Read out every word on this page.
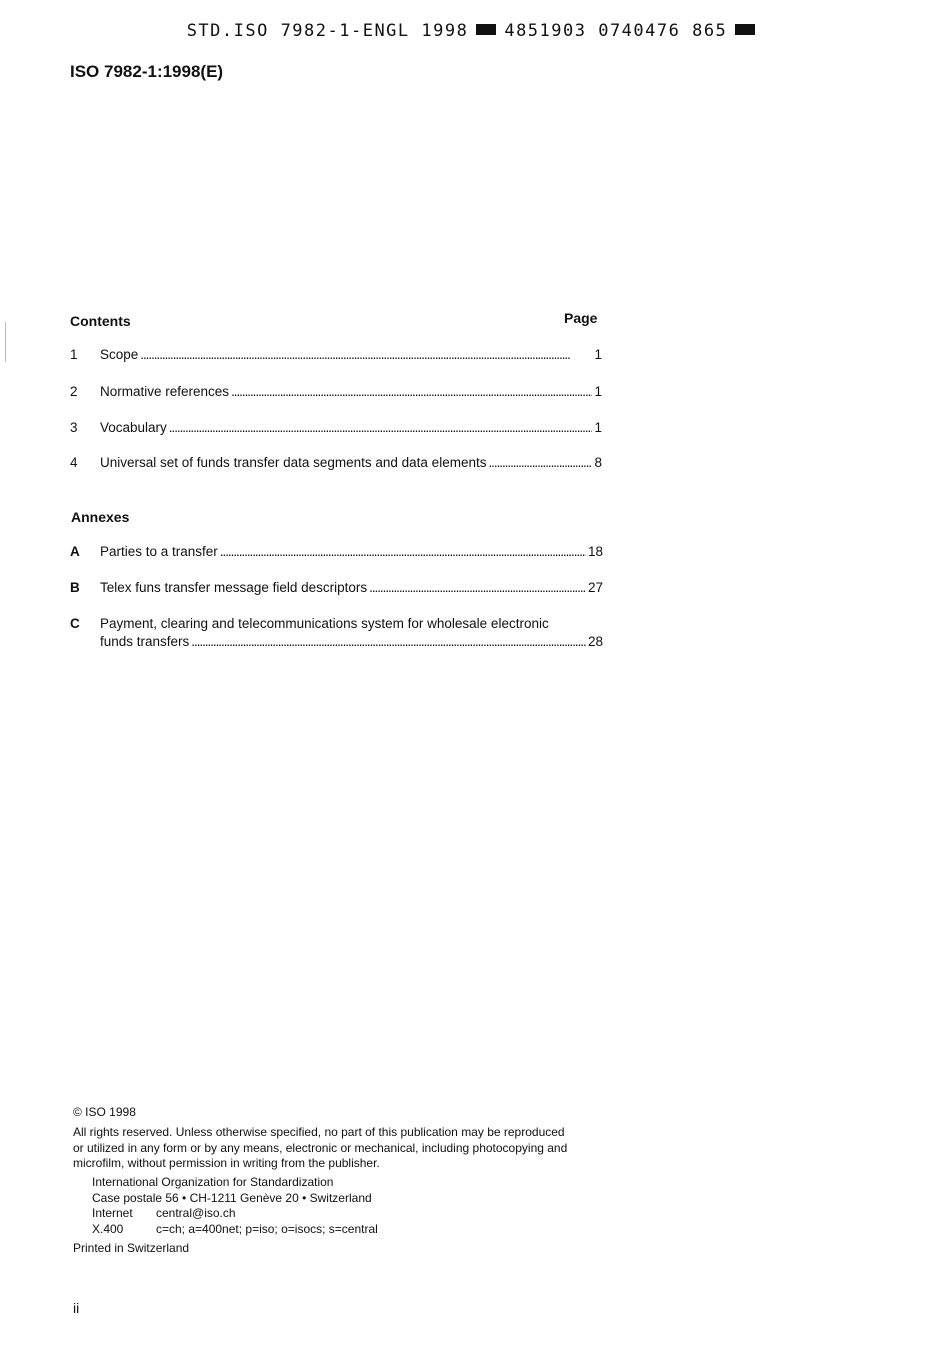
STD.ISO 7982-1-ENGL 1998 4851903 0740476 865
ISO 7982-1:1998(E)
Contents	Page
1	Scope . . .	1
2	Normative references . . .	1
3	Vocabulary . . .	1
4	Universal set of funds transfer data segments and data elements . . .	8
Annexes
A	Parties to a transfer . . .	18
B	Telex funs transfer message field descriptors . . .	27
C Payment, clearing and telecommunications system for wholesale electronic
funds transfers . . .	28
© ISO 1998
All rights reserved. Unless otherwise specified, no part of this publication may be reproduced
or utilized in any form or by any means, electronic or mechanical, including photocopying and
microfilm, without permission in writing from the publisher.
International Organization for Standardization
Case postale 56 • CH-1211 Genève 20 • Switzerland
Internet central@iso.ch
X.400	c=ch; a=400net; p=iso; o=isocs; s=central
Printed in Switzerland
ii
